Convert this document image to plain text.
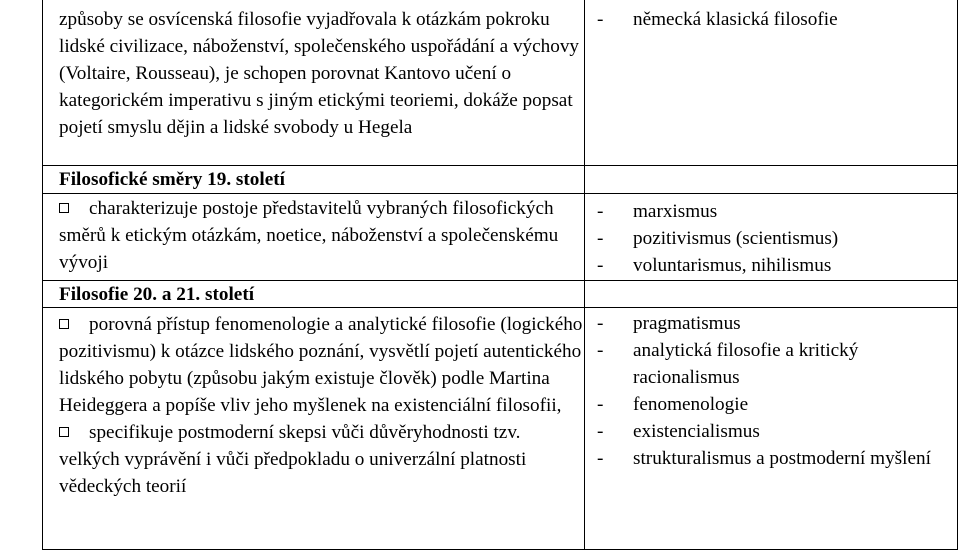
způsoby se osvícenská filosofie vyjadřovala k otázkám pokroku lidské civilizace, náboženství, společenského uspořádání a výchovy (Voltaire, Rousseau), je schopen porovnat Kantovo učení o kategorickém imperativu s jiným etickými teoriemi, dokáže popsat pojetí smyslu dějin a lidské svobody u Hegela
- německá klasická filosofie
Filosofické směry 19. století
charakterizuje postoje představitelů vybraných filosofických směrů k etickým otázkám, noetice, náboženství a společenskému vývoji
- marxismus
- pozitivismus (scientismus)
- voluntarismus, nihilismus
Filosofie 20. a 21. století
porovná přístup fenomenologie a analytické filosofie (logického pozitivismu) k otázce lidského poznání, vysvětlí pojetí autentického lidského pobytu (způsobu jakým existuje člověk) podle Martina Heideggera a popíše vliv jeho myšlenek na existenciální filosofii,
specifikuje postmoderní skepsi vůči důvěryhodnosti tzv. velkých vyprávění i vůči předpokladu o univerzální platnosti vědeckých teorií
- pragmatismus
- analytická filosofie a kritický racionalismus
- fenomenologie
- existencialismus
- strukturalismus a postmoderní myšlení
